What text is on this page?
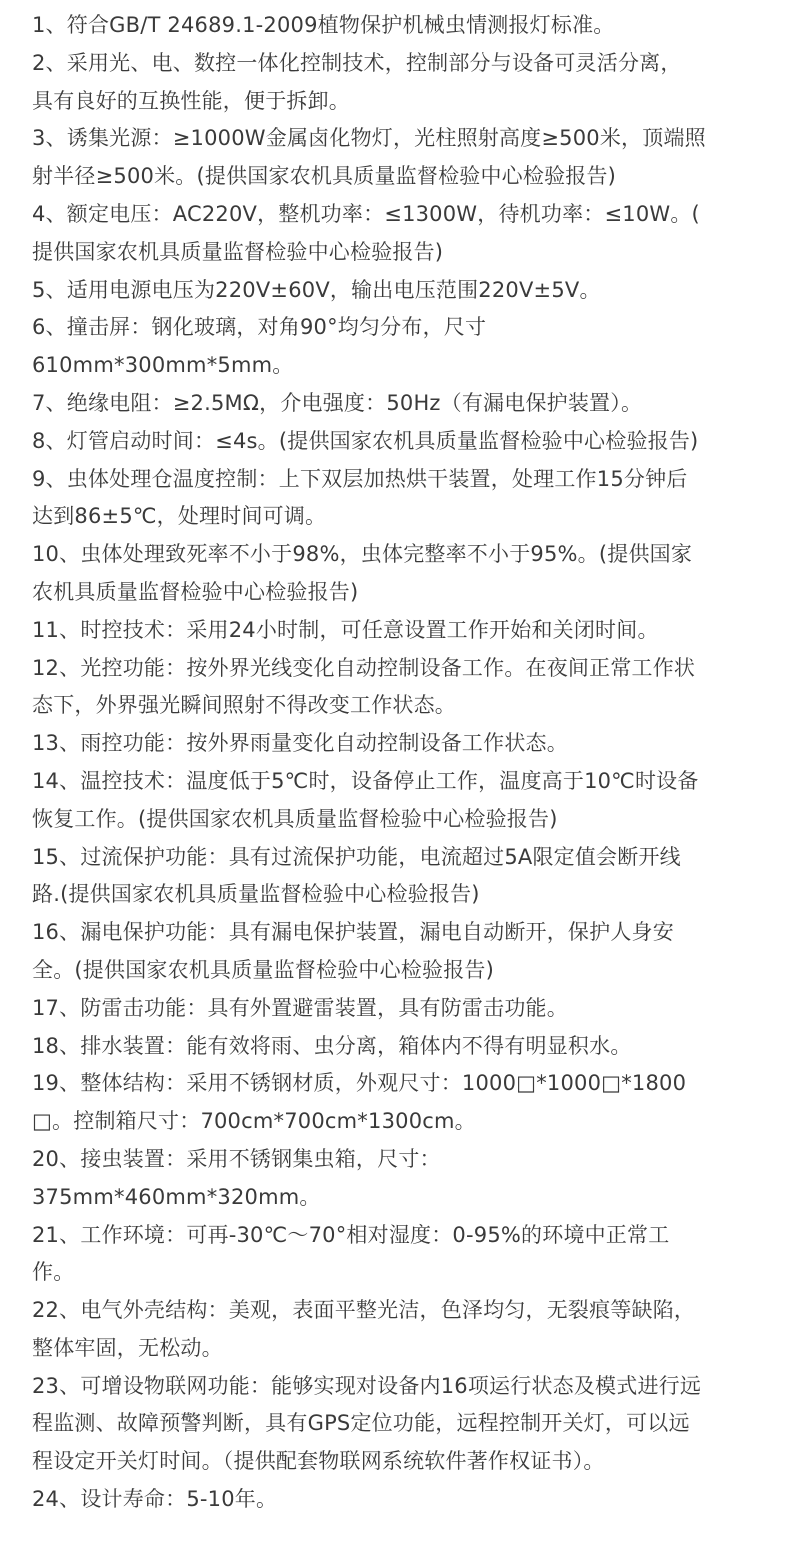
1、符合GB/T 24689.1-2009植物保护机械虫情测报灯标准。

2、采用光、电、数控一体化控制技术，控制部分与设备可灵活分离，
具有良好的互换性能，便于拆卸。

3、诱集光源：≥1000W金属卤化物灯，光柱照射高度≥500米，顶端照
射半径≥500米。(提供国家农机具质量监督检验中心检验报告)

4、额定电压：AC220V，整机功率：≤1300W，待机功率：≤10W。(
提供国家农机具质量监督检验中心检验报告)

5、适用电源电压为220V±60V，输出电压范围220V±5V。

6、撞击屏：钢化玻璃，对角90°均匀分布，尺寸
610mm*300mm*5mm。

7、绝缘电阻：≥2.5MΩ，介电强度：50Hz（有漏电保护装置）。

8、灯管启动时间：≤4s。(提供国家农机具质量监督检验中心检验报告)

9、虫体处理仓温度控制：上下双层加热烘干装置，处理工作15分钟后
达到86±5℃，处理时间可调。

10、虫体处理致死率不小于98%，虫体完整率不小于95%。(提供国家
农机具质量监督检验中心检验报告)

11、时控技术：采用24小时制，可任意设置工作开始和关闭时间。

12、光控功能：按外界光线变化自动控制设备工作。在夜间正常工作状
态下，外界强光瞬间照射不得改变工作状态。

13、雨控功能：按外界雨量变化自动控制设备工作状态。

14、温控技术：温度低于5℃时，设备停止工作，温度高于10℃时设备
恢复工作。(提供国家农机具质量监督检验中心检验报告)

15、过流保护功能：具有过流保护功能，电流超过5A限定值会断开线
路.(提供国家农机具质量监督检验中心检验报告)

16、漏电保护功能：具有漏电保护装置，漏电自动断开，保护人身安
全。(提供国家农机具质量监督检验中心检验报告)

17、防雷击功能：具有外置避雷装置，具有防雷击功能。

18、排水装置：能有效将雨、虫分离，箱体内不得有明显积水。

19、整体结构：采用不锈钢材质，外观尺寸：1000□*1000□*1800
□。控制箱尺寸：700cm*700cm*1300cm。

20、接虫装置：采用不锈钢集虫箱，尺寸：
375mm*460mm*320mm。

21、工作环境：可再-30℃～70°相对湿度：0-95%的环境中正常工
作。

22、电气外壳结构：美观，表面平整光洁，色泽均匀，无裂痕等缺陷，
整体牢固，无松动。

23、可增设物联网功能：能够实现对设备内16项运行状态及模式进行远
程监测、故障预警判断，具有GPS定位功能，远程控制开关灯，可以远
程设定开关灯时间。（提供配套物联网系统软件著作权证书）。

24、设计寿命：5-10年。
